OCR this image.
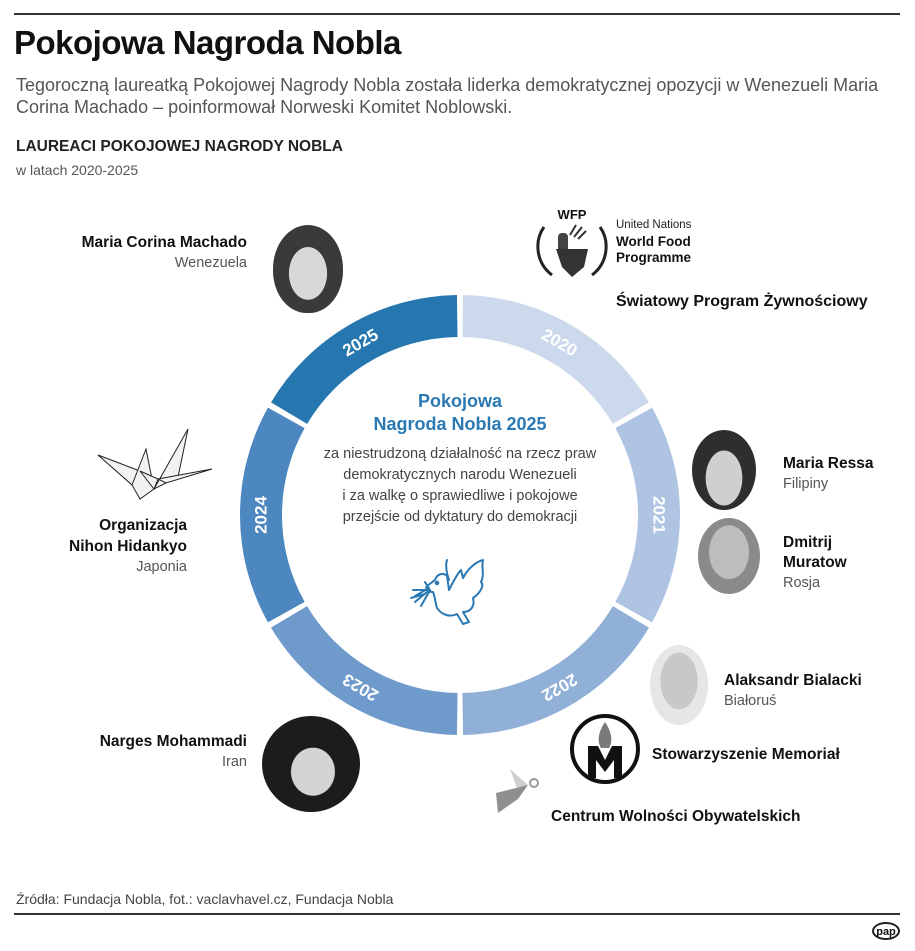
Pokojowa Nagroda Nobla
Tegoroczną laureatką Pokojowej Nagrody Nobla została liderka demokratycznej opozycji w Wenezueli Maria Corina Machado – poinformował Norweski Komitet Noblowski.
LAUREACI POKOJOWEJ NAGRODY NOBLA
w latach 2020-2025
2020
2021
2022
2023
2024
2025
Pokojowa
Nagroda Nobla 2025
za niestrudzoną działalność na rzecz praw
demokratycznych narodu Wenezueli
i za walkę o sprawiedliwe i pokojowe
przejście od dyktatury do demokracji
Maria Corina Machado
Wenezuela
WFP
United Nations
World Food
Programme
Światowy Program Żywnościowy
Maria Ressa
Filipiny
Dmitrij
Muratow
Rosja
Alaksandr Bialacki
Białoruś
Stowarzyszenie Memoriał
Centrum Wolności Obywatelskich
Narges Mohammadi
Iran
Organizacja
Nihon Hidankyo
Japonia
Źródła: Fundacja Nobla, fot.: vaclavhavel.cz, Fundacja Nobla
pap
